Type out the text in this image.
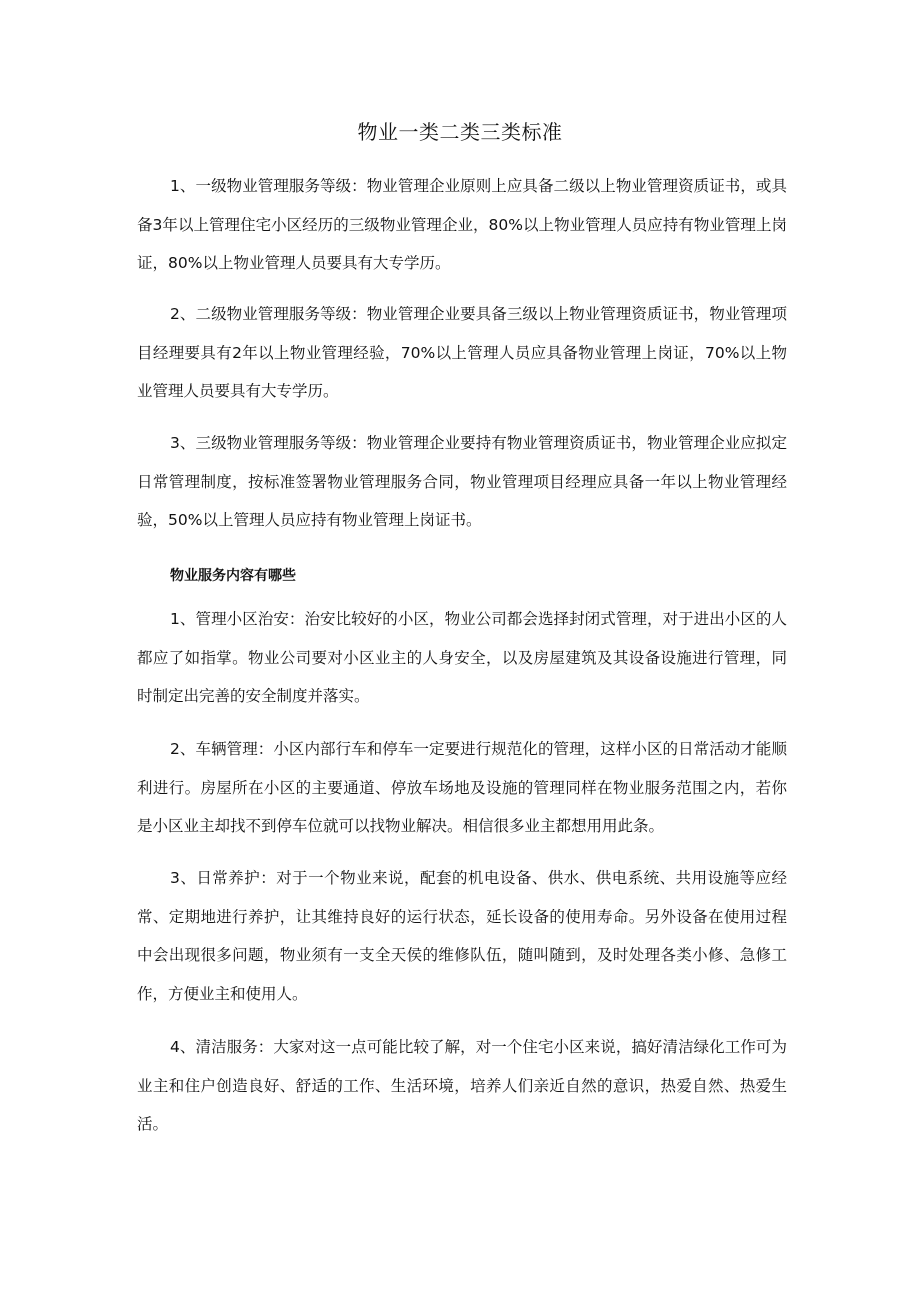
物业一类二类三类标准

1、一级物业管理服务等级：物业管理企业原则上应具备二级以上物业管理资质证书，或具备3年以上管理住宅小区经历的三级物业管理企业，80%以上物业管理人员应持有物业管理上岗证，80%以上物业管理人员要具有大专学历。

2、二级物业管理服务等级：物业管理企业要具备三级以上物业管理资质证书，物业管理项目经理要具有2年以上物业管理经验，70%以上管理人员应具备物业管理上岗证，70%以上物业管理人员要具有大专学历。

3、三级物业管理服务等级：物业管理企业要持有物业管理资质证书，物业管理企业应拟定日常管理制度，按标准签署物业管理服务合同，物业管理项目经理应具备一年以上物业管理经验，50%以上管理人员应持有物业管理上岗证书。

物业服务内容有哪些

1、管理小区治安：治安比较好的小区，物业公司都会选择封闭式管理，对于进出小区的人都应了如指掌。物业公司要对小区业主的人身安全，以及房屋建筑及其设备设施进行管理，同时制定出完善的安全制度并落实。

2、车辆管理：小区内部行车和停车一定要进行规范化的管理，这样小区的日常活动才能顺利进行。房屋所在小区的主要通道、停放车场地及设施的管理同样在物业服务范围之内，若你是小区业主却找不到停车位就可以找物业解决。相信很多业主都想用用此条。

3、日常养护：对于一个物业来说，配套的机电设备、供水、供电系统、共用设施等应经常、定期地进行养护，让其维持良好的运行状态，延长设备的使用寿命。另外设备在使用过程中会出现很多问题，物业须有一支全天侯的维修队伍，随叫随到，及时处理各类小修、急修工作，方便业主和使用人。

4、清洁服务：大家对这一点可能比较了解，对一个住宅小区来说，搞好清洁绿化工作可为业主和住户创造良好、舒适的工作、生活环境，培养人们亲近自然的意识，热爱自然、热爱生活。
